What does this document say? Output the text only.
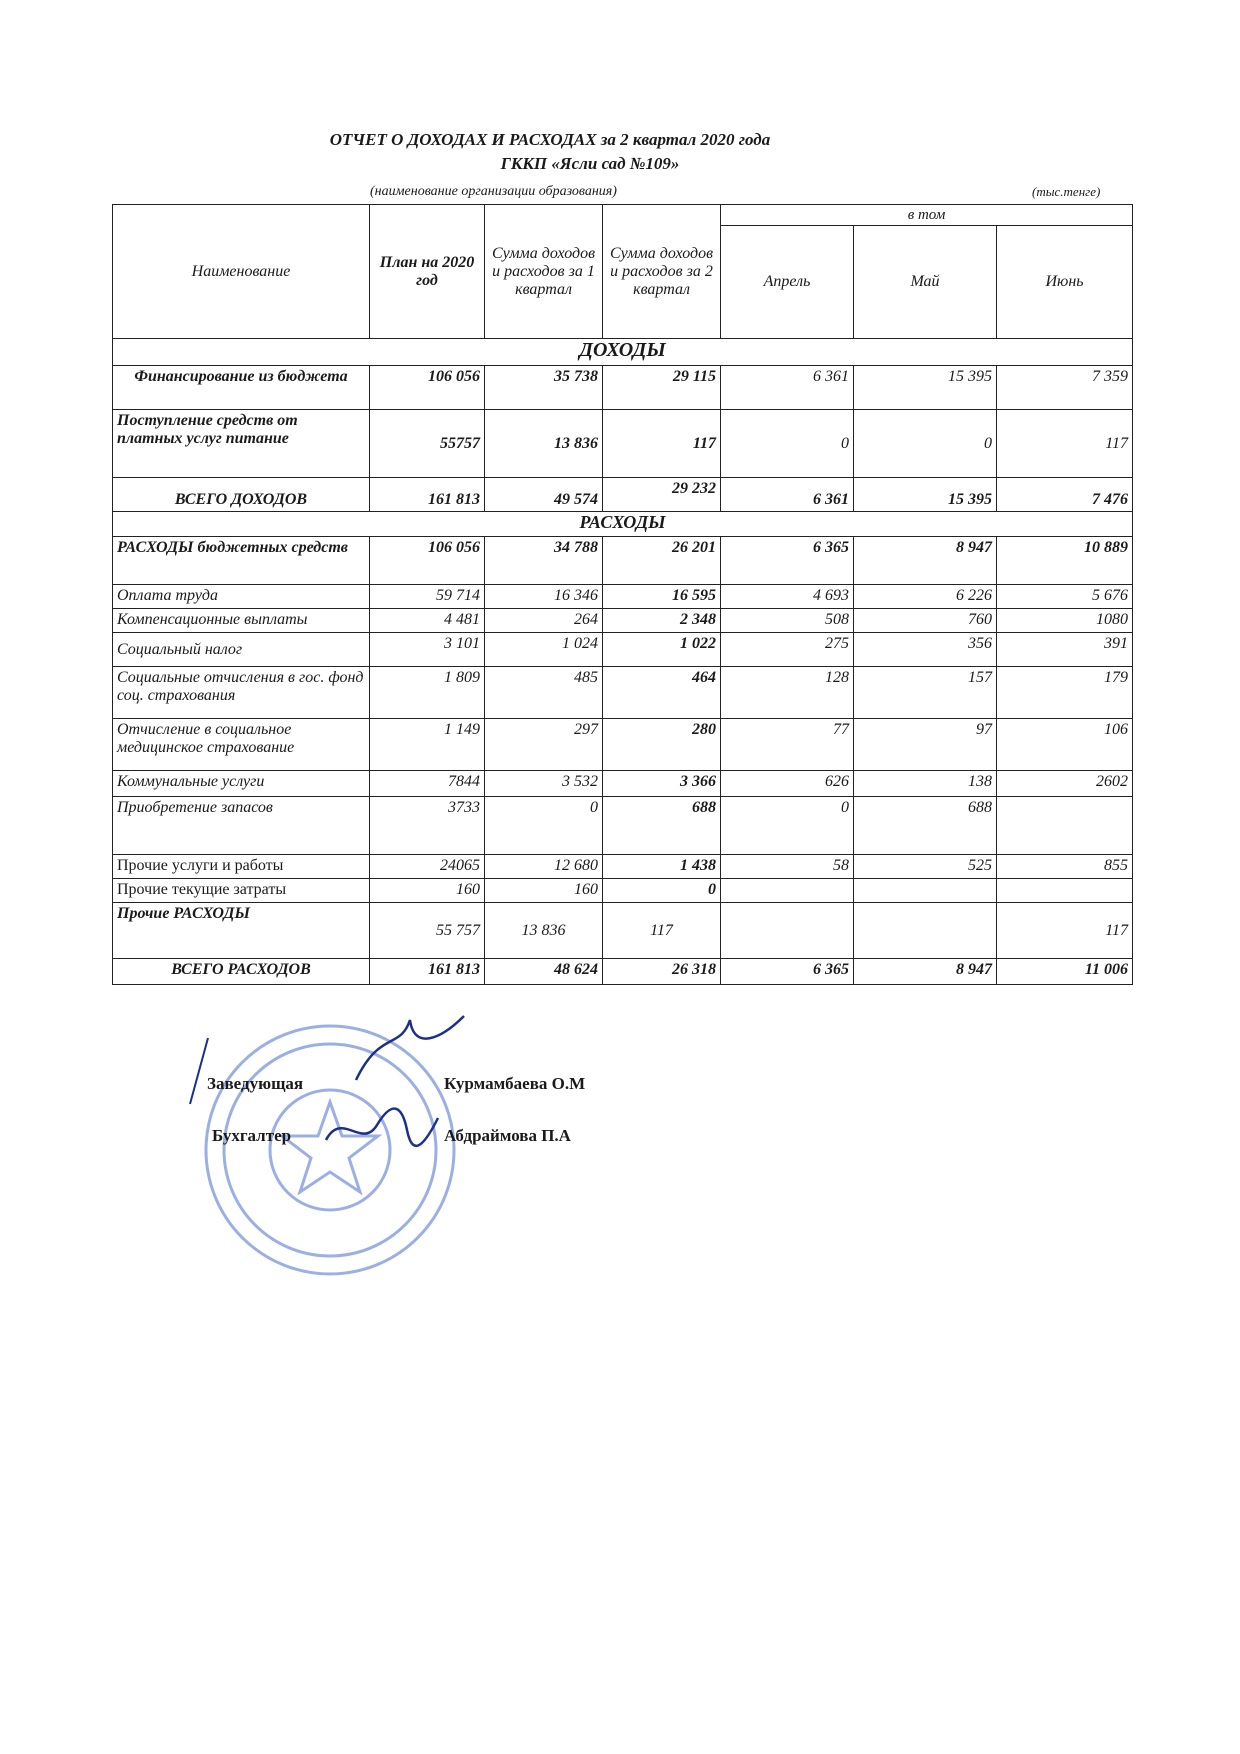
ОТЧЕТ О ДОХОДАХ И РАСХОДАХ за 2 квартал 2020 года
ГККП «Ясли сад №109»
(наименование организации образования)	(тыс.тенге)
Наименование	План на 2020 год	Сумма доходов и расходов за 1 квартал	Сумма доходов и расходов за 2 квартал	в том		
				Апрель	Май	Июнь
ДОХОДЫ						
Финансирование из бюджета	106 056	35 738	29 115	6 361	15 395	7 359
Поступление средств от платных услуг питание	55757	13 836	117	0	0	117
ВСЕГО ДОХОДОВ	161 813	49 574	29 232	6 361	15 395	7 476
РАСХОДЫ						
РАСХОДЫ бюджетных средств	106 056	34 788	26 201	6 365	8 947	10 889
Оплата труда	59 714	16 346	16 595	4 693	6 226	5 676
Компенсационные выплаты	4 481	264	2 348	508	760	1080
Социальный налог	3 101	1 024	1 022	275	356	391
Социальные отчисления в гос. фонд соц. страхования	1 809	485	464	128	157	179
Отчисление в социальное медицинское страхование	1 149	297	280	77	97	106
Коммунальные услуги	7844	3 532	3 366	626	138	2602
Приобретение запасов	3733	0	688	0	688	
Прочие услуги и работы	24065	12 680	1 438	58	525	855
Прочие текущие затраты	160	160	0			
Прочие РАСХОДЫ	55 757	13 836	117			117
ВСЕГО РАСХОДОВ	161 813	48 624	26 318	6 365	8 947	11 006
Заведующая	Курмамбаева О.М
Бухгалтер	Абдраймова П.А
